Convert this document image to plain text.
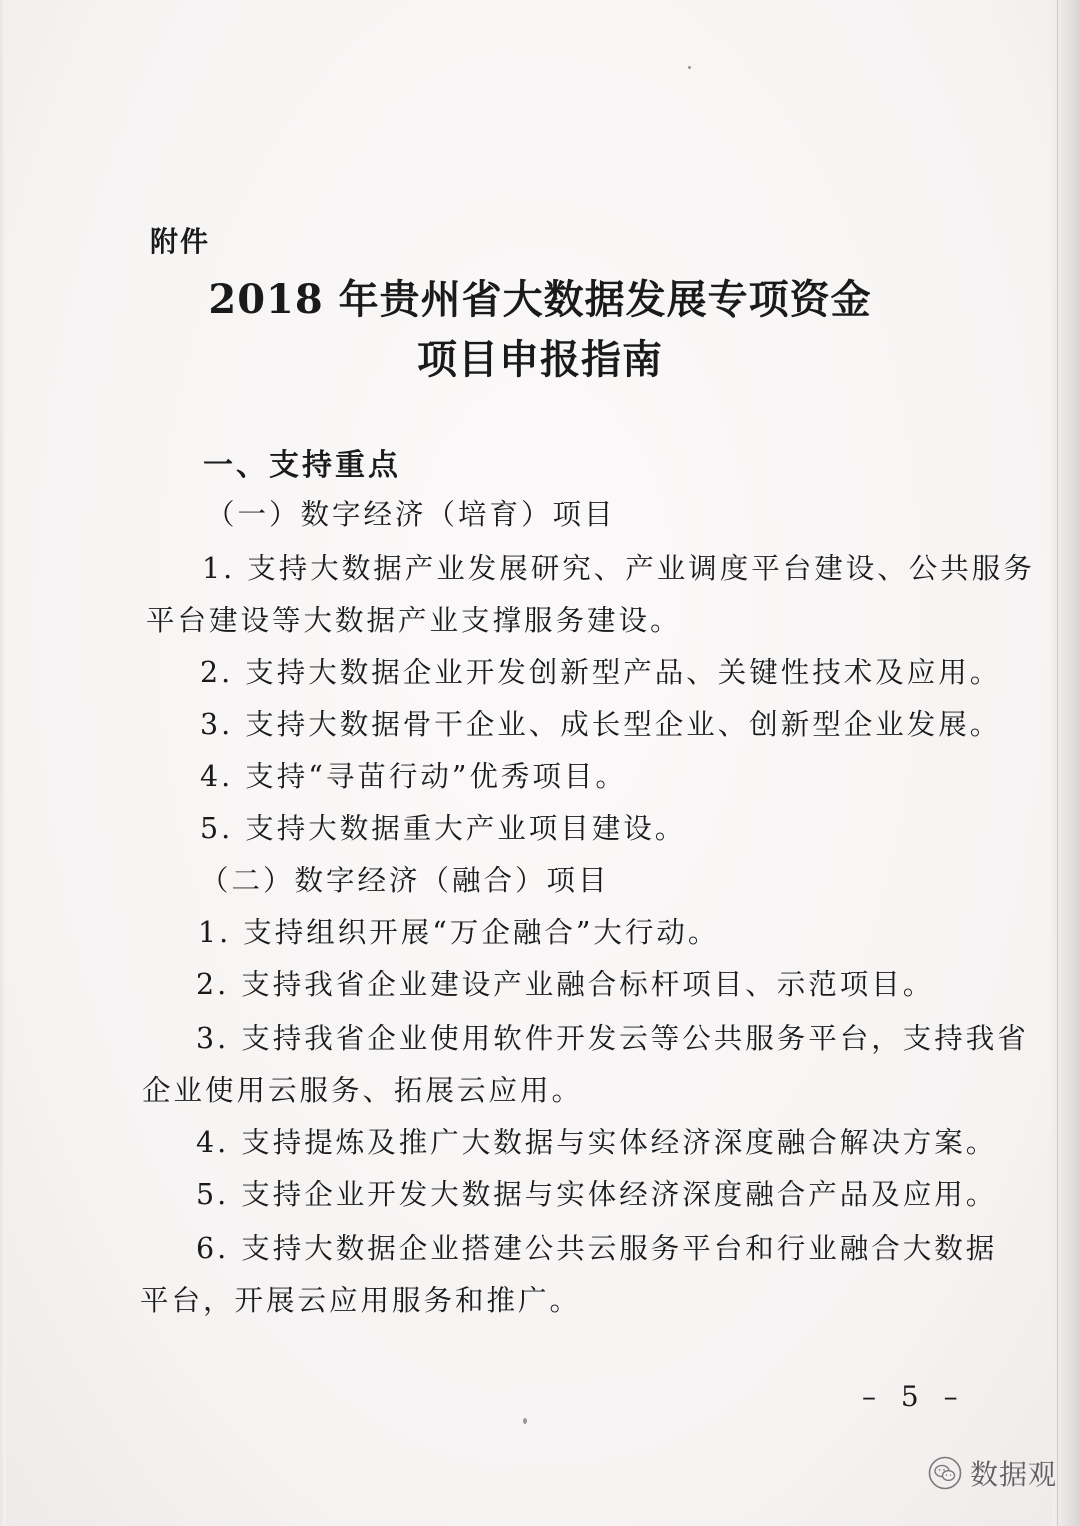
附件

2018 年贵州省大数据发展专项资金
项目申报指南
一、支持重点

（一）数字经济（培育）项目

1. 支持大数据产业发展研究、产业调度平台建设、公共服务

平台建设等大数据产业支撑服务建设。

2. 支持大数据企业开发创新型产品、关键性技术及应用。

3. 支持大数据骨干企业、成长型企业、创新型企业发展。

4. 支持“寻苗行动”优秀项目。

5. 支持大数据重大产业项目建设。

（二）数字经济（融合）项目

1. 支持组织开展“万企融合”大行动。

2. 支持我省企业建设产业融合标杆项目、示范项目。

3. 支持我省企业使用软件开发云等公共服务平台，支持我省

企业使用云服务、拓展云应用。

4. 支持提炼及推广大数据与实体经济深度融合解决方案。

5. 支持企业开发大数据与实体经济深度融合产品及应用。

6. 支持大数据企业搭建公共云服务平台和行业融合大数据

平台，开展云应用服务和推广。

– 5 –
数据观
